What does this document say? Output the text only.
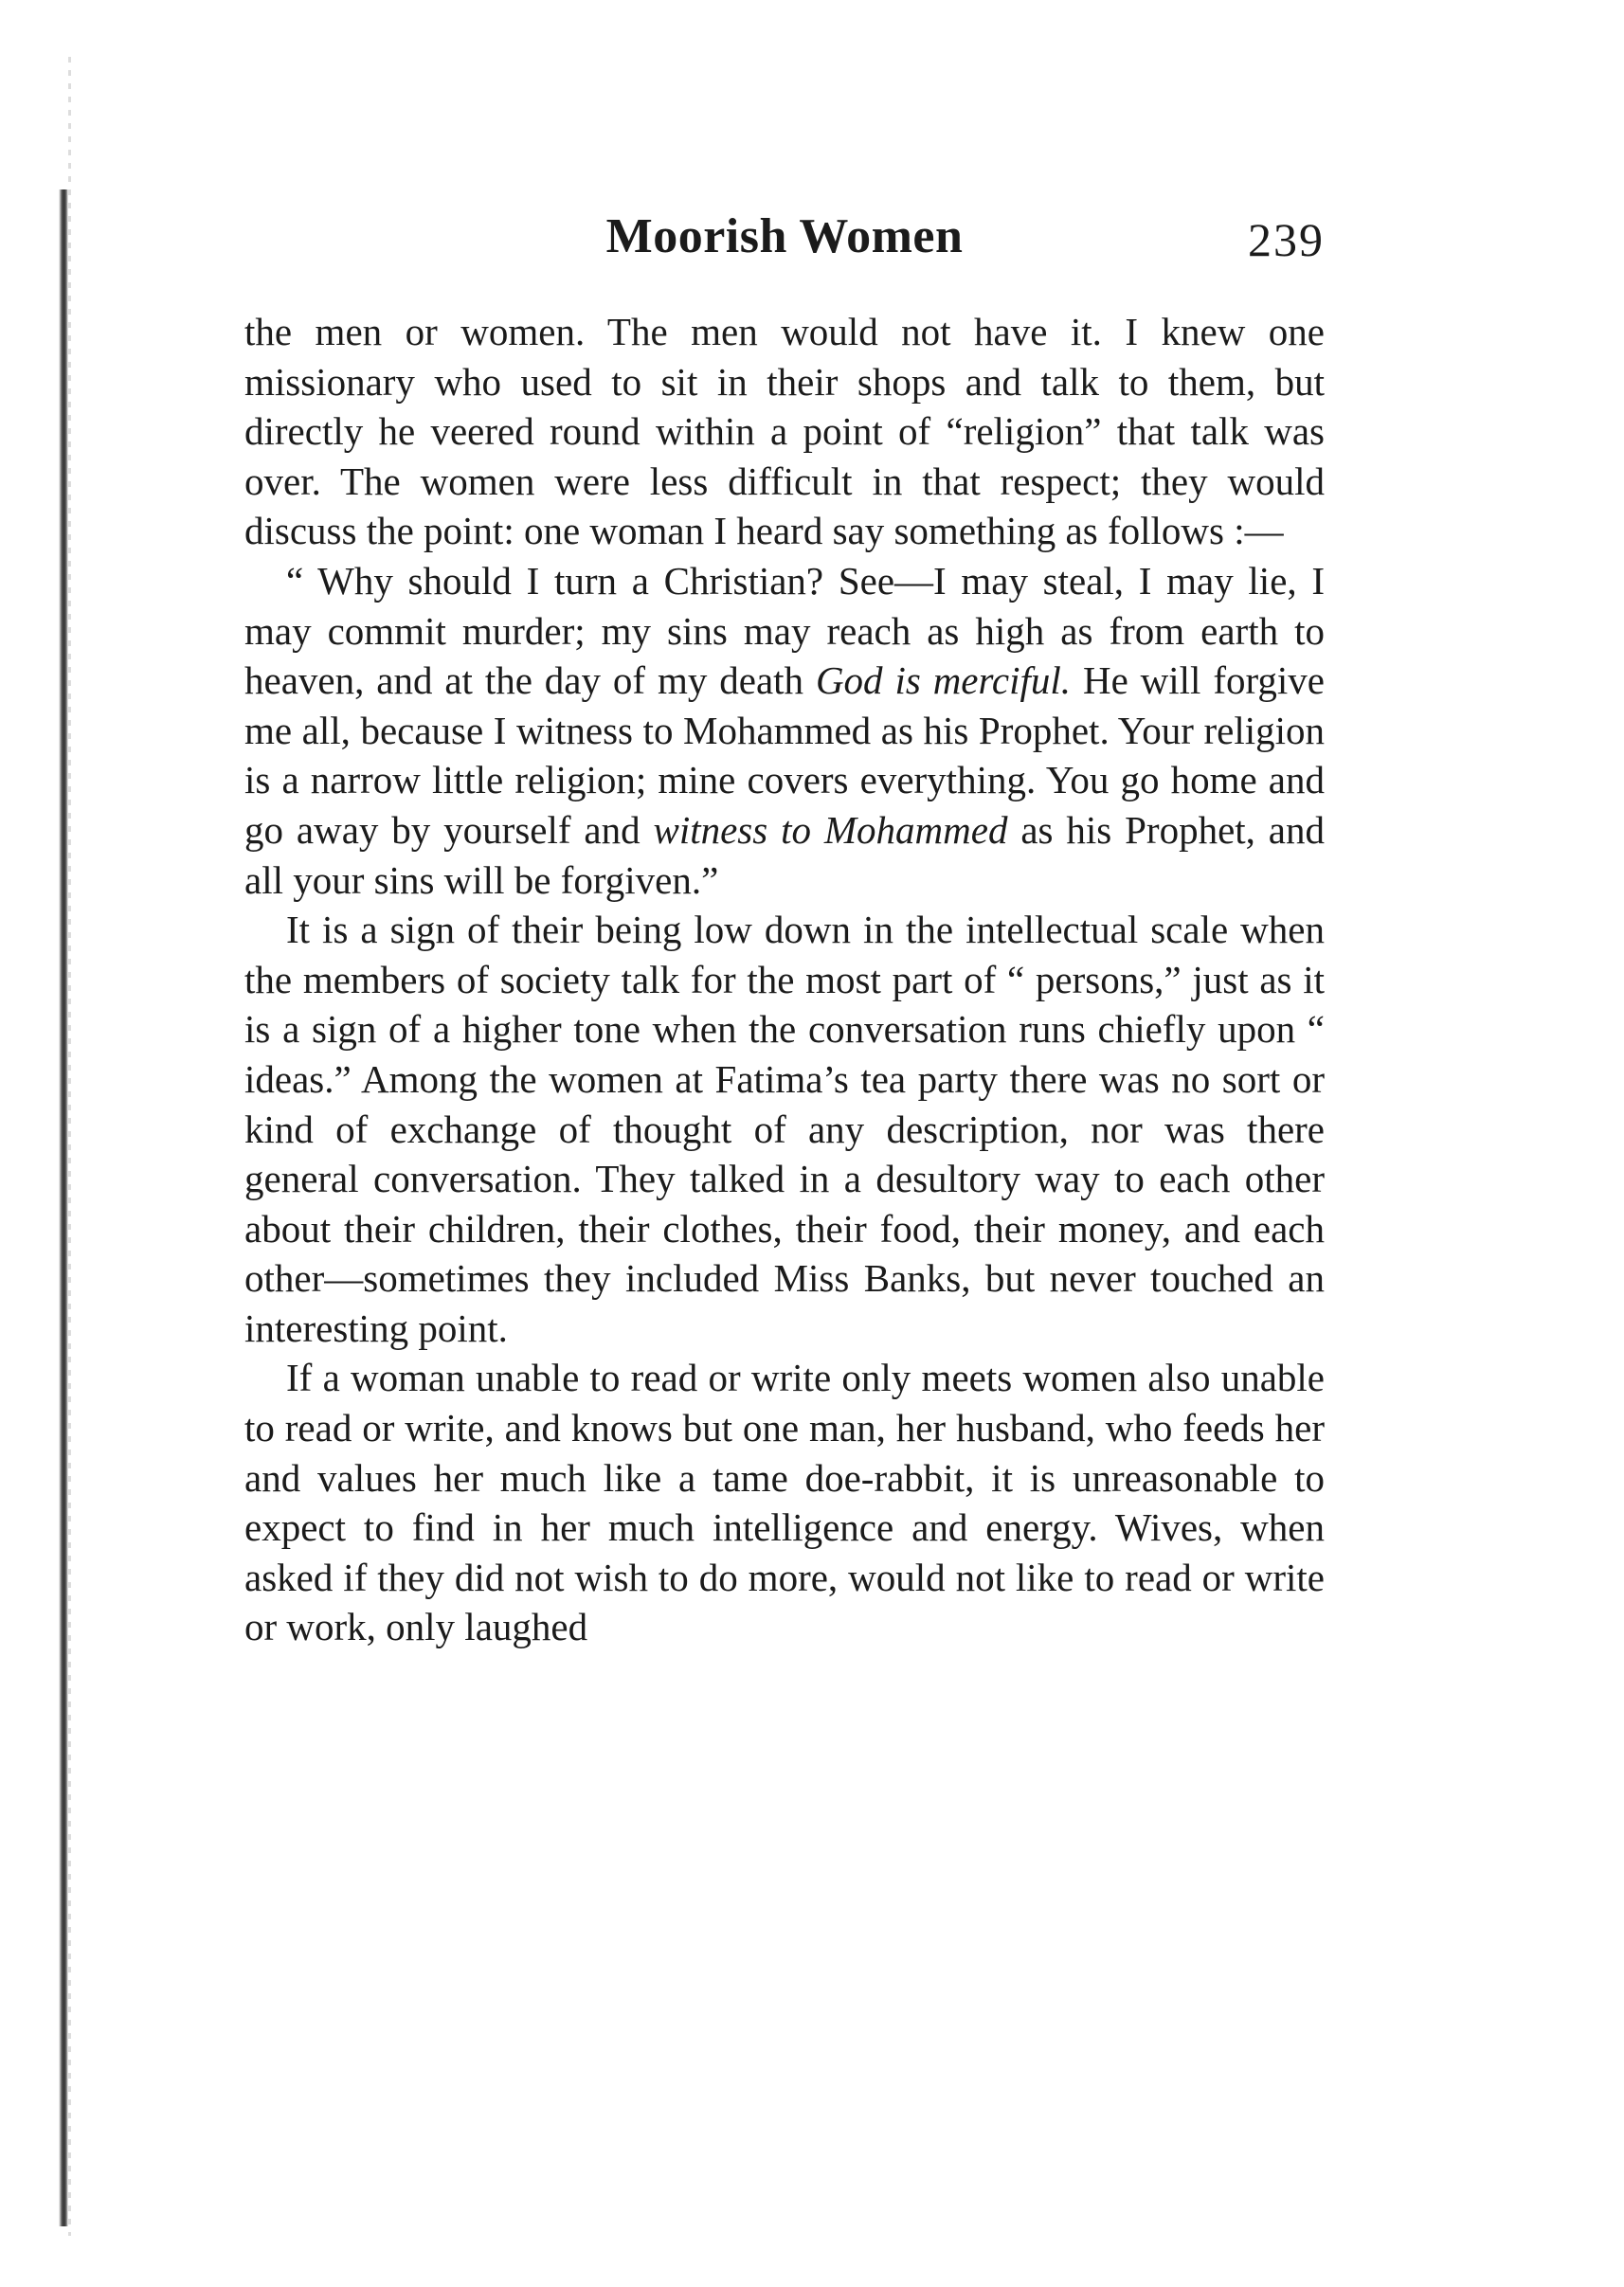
Moorish Women	239

the men or women. The men would not have it. I knew one missionary who used to sit in their shops and talk to them, but directly he veered round within a point of “religion” that talk was over. The women were less difficult in that respect; they would discuss the point: one woman I heard say something as follows :—

“ Why should I turn a Christian? See—I may steal, I may lie, I may commit murder; my sins may reach as high as from earth to heaven, and at the day of my death God is merciful. He will forgive me all, because I witness to Mohammed as his Prophet. Your religion is a narrow little religion; mine covers everything. You go home and go away by yourself and witness to Mohammed as his Prophet, and all your sins will be forgiven.”

It is a sign of their being low down in the intellectual scale when the members of society talk for the most part of “ persons,” just as it is a sign of a higher tone when the conversation runs chiefly upon “ ideas.” Among the women at Fatima’s tea party there was no sort or kind of exchange of thought of any description, nor was there general conversation. They talked in a desultory way to each other about their children, their clothes, their food, their money, and each other—sometimes they included Miss Banks, but never touched an interesting point.

If a woman unable to read or write only meets women also unable to read or write, and knows but one man, her husband, who feeds her and values her much like a tame doe-rabbit, it is unreasonable to expect to find in her much intelligence and energy. Wives, when asked if they did not wish to do more, would not like to read or write or work, only laughed
